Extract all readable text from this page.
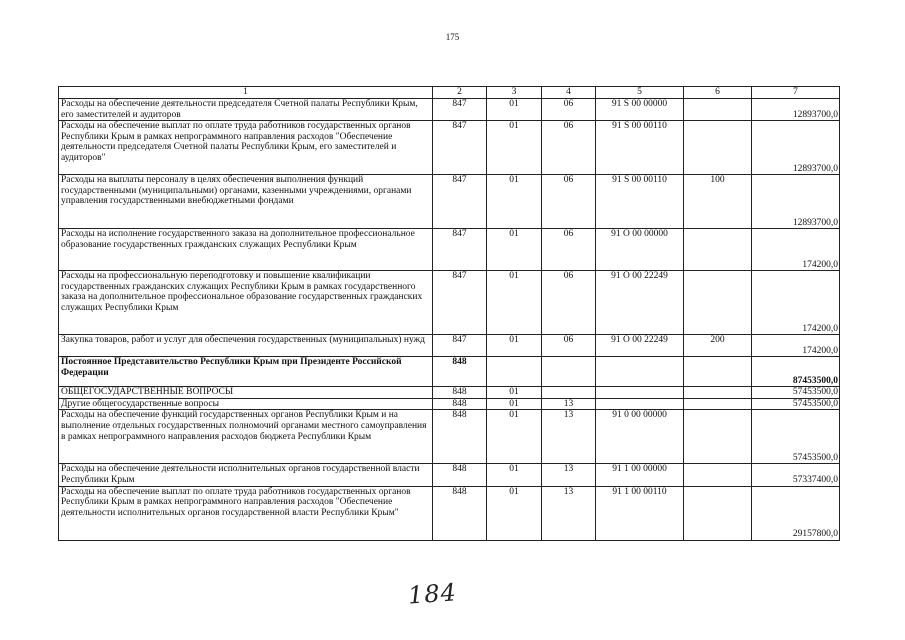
175
1	2	3	4	5	6	7
Расходы на обеспечение деятельности председателя Счетной палаты Республики Крым, его заместителей и аудиторов	847	01	06	91 S 00 00000		12893700,0
Расходы на обеспечение выплат по оплате труда работников государственных органов Республики Крым в рамках непрограммного направления расходов "Обеспечение деятельности председателя Счетной палаты Республики Крым, его заместителей и аудиторов"	847	01	06	91 S 00 00110		12893700,0
Расходы на выплаты персоналу в целях обеспечения выполнения функций государственными (муниципальными) органами, казенными учреждениями, органами управления государственными внебюджетными фондами	847	01	06	91 S 00 00110	100	12893700,0
Расходы на исполнение государственного заказа на дополнительное профессиональное образование государственных гражданских служащих Республики Крым	847	01	06	91 О 00 00000		174200,0
Расходы на профессиональную переподготовку и повышение квалификации государственных гражданских служащих Республики Крым в рамках государственного заказа на дополнительное профессиональное образование государственных гражданских служащих Республики Крым	847	01	06	91 О 00 22249		174200,0
Закупка товаров, работ и услуг для обеспечения государственных (муниципальных) нужд	847	01	06	91 О 00 22249	200	174200,0
Постоянное Представительство Республики Крым при Президенте Российской Федерации	848					87453500,0
ОБЩЕГОСУДАРСТВЕННЫЕ ВОПРОСЫ	848	01				57453500,0
Другие общегосударственные вопросы	848	01	13			57453500,0
Расходы на обеспечение функций государственных органов Республики Крым и на выполнение отдельных государственных полномочий органами местного самоуправления в рамках непрограммного направления расходов бюджета Республики Крым	848	01	13	91 0 00 00000		57453500,0
Расходы на обеспечение деятельности исполнительных органов государственной власти Республики Крым	848	01	13	91 1 00 00000		57337400,0
Расходы на обеспечение выплат по оплате труда работников государственных органов Республики Крым в рамках непрограммного направления расходов "Обеспечение деятельности исполнительных органов государственной власти Республики Крым"	848	01	13	91 1 00 00110		29157800,0
184
